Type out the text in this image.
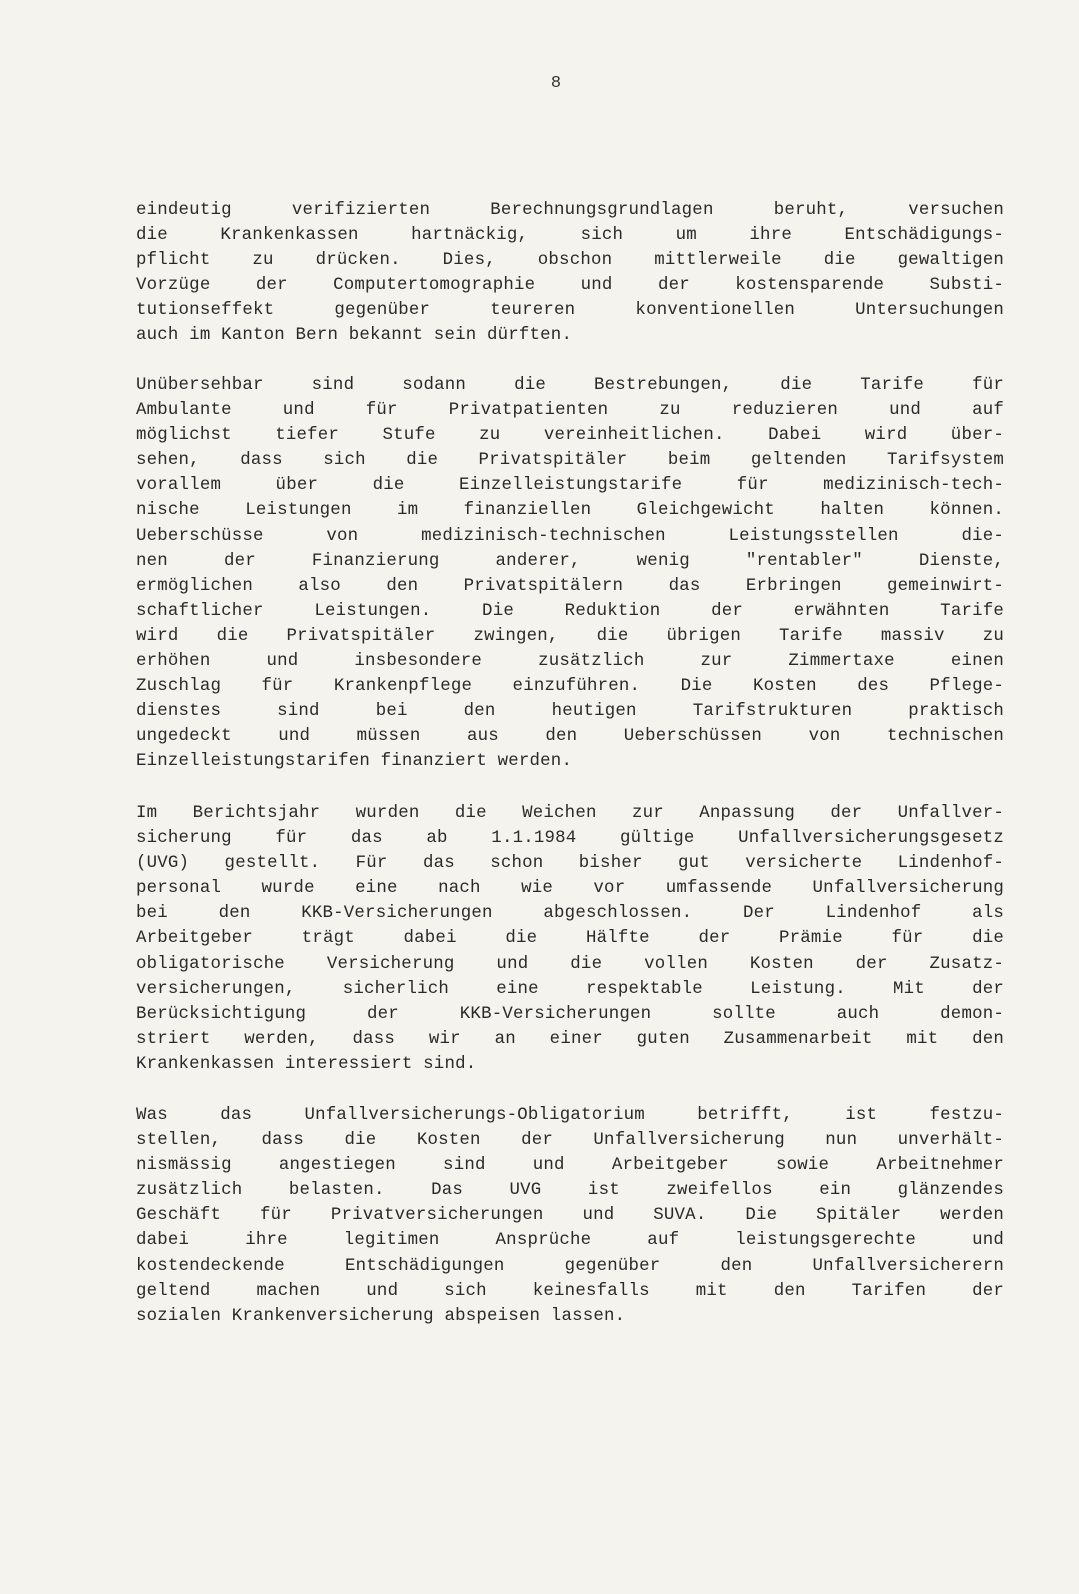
8
eindeutig verifizierten Berechnungsgrundlagen beruht, versuchen
die Krankenkassen hartnäckig, sich um ihre Entschädigungs-
pflicht zu drücken. Dies, obschon mittlerweile die gewaltigen
Vorzüge der Computertomographie und der kostensparende Substi-
tutionseffekt gegenüber teureren konventionellen Untersuchungen
auch im Kanton Bern bekannt sein dürften.
Unübersehbar sind sodann die Bestrebungen, die Tarife für
Ambulante und für Privatpatienten zu reduzieren und auf
möglichst tiefer Stufe zu vereinheitlichen. Dabei wird über-
sehen, dass sich die Privatspitäler beim geltenden Tarifsystem
vorallem über die Einzelleistungstarife für medizinisch-tech-
nische Leistungen im finanziellen Gleichgewicht halten können.
Ueberschüsse von medizinisch-technischen Leistungsstellen die-
nen der Finanzierung anderer, wenig "rentabler" Dienste,
ermöglichen also den Privatspitälern das Erbringen gemeinwirt-
schaftlicher Leistungen. Die Reduktion der erwähnten Tarife
wird die Privatspitäler zwingen, die übrigen Tarife massiv zu
erhöhen und insbesondere zusätzlich zur Zimmertaxe einen
Zuschlag für Krankenpflege einzuführen. Die Kosten des Pflege-
dienstes sind bei den heutigen Tarifstrukturen praktisch
ungedeckt und müssen aus den Ueberschüssen von technischen
Einzelleistungstarifen finanziert werden.
Im Berichtsjahr wurden die Weichen zur Anpassung der Unfallver-
sicherung für das ab 1.1.1984 gültige Unfallversicherungsgesetz
(UVG) gestellt. Für das schon bisher gut versicherte Lindenhof-
personal wurde eine nach wie vor umfassende Unfallversicherung
bei den KKB-Versicherungen abgeschlossen. Der Lindenhof als
Arbeitgeber trägt dabei die Hälfte der Prämie für die
obligatorische Versicherung und die vollen Kosten der Zusatz-
versicherungen, sicherlich eine respektable Leistung. Mit der
Berücksichtigung der KKB-Versicherungen sollte auch demon-
striert werden, dass wir an einer guten Zusammenarbeit mit den
Krankenkassen interessiert sind.
Was das Unfallversicherungs-Obligatorium betrifft, ist festzu-
stellen, dass die Kosten der Unfallversicherung nun unverhält-
nismässig angestiegen sind und Arbeitgeber sowie Arbeitnehmer
zusätzlich belasten. Das UVG ist zweifellos ein glänzendes
Geschäft für Privatversicherungen und SUVA. Die Spitäler werden
dabei ihre legitimen Ansprüche auf leistungsgerechte und
kostendeckende Entschädigungen gegenüber den Unfallversicherern
geltend machen und sich keinesfalls mit den Tarifen der
sozialen Krankenversicherung abspeisen lassen.
